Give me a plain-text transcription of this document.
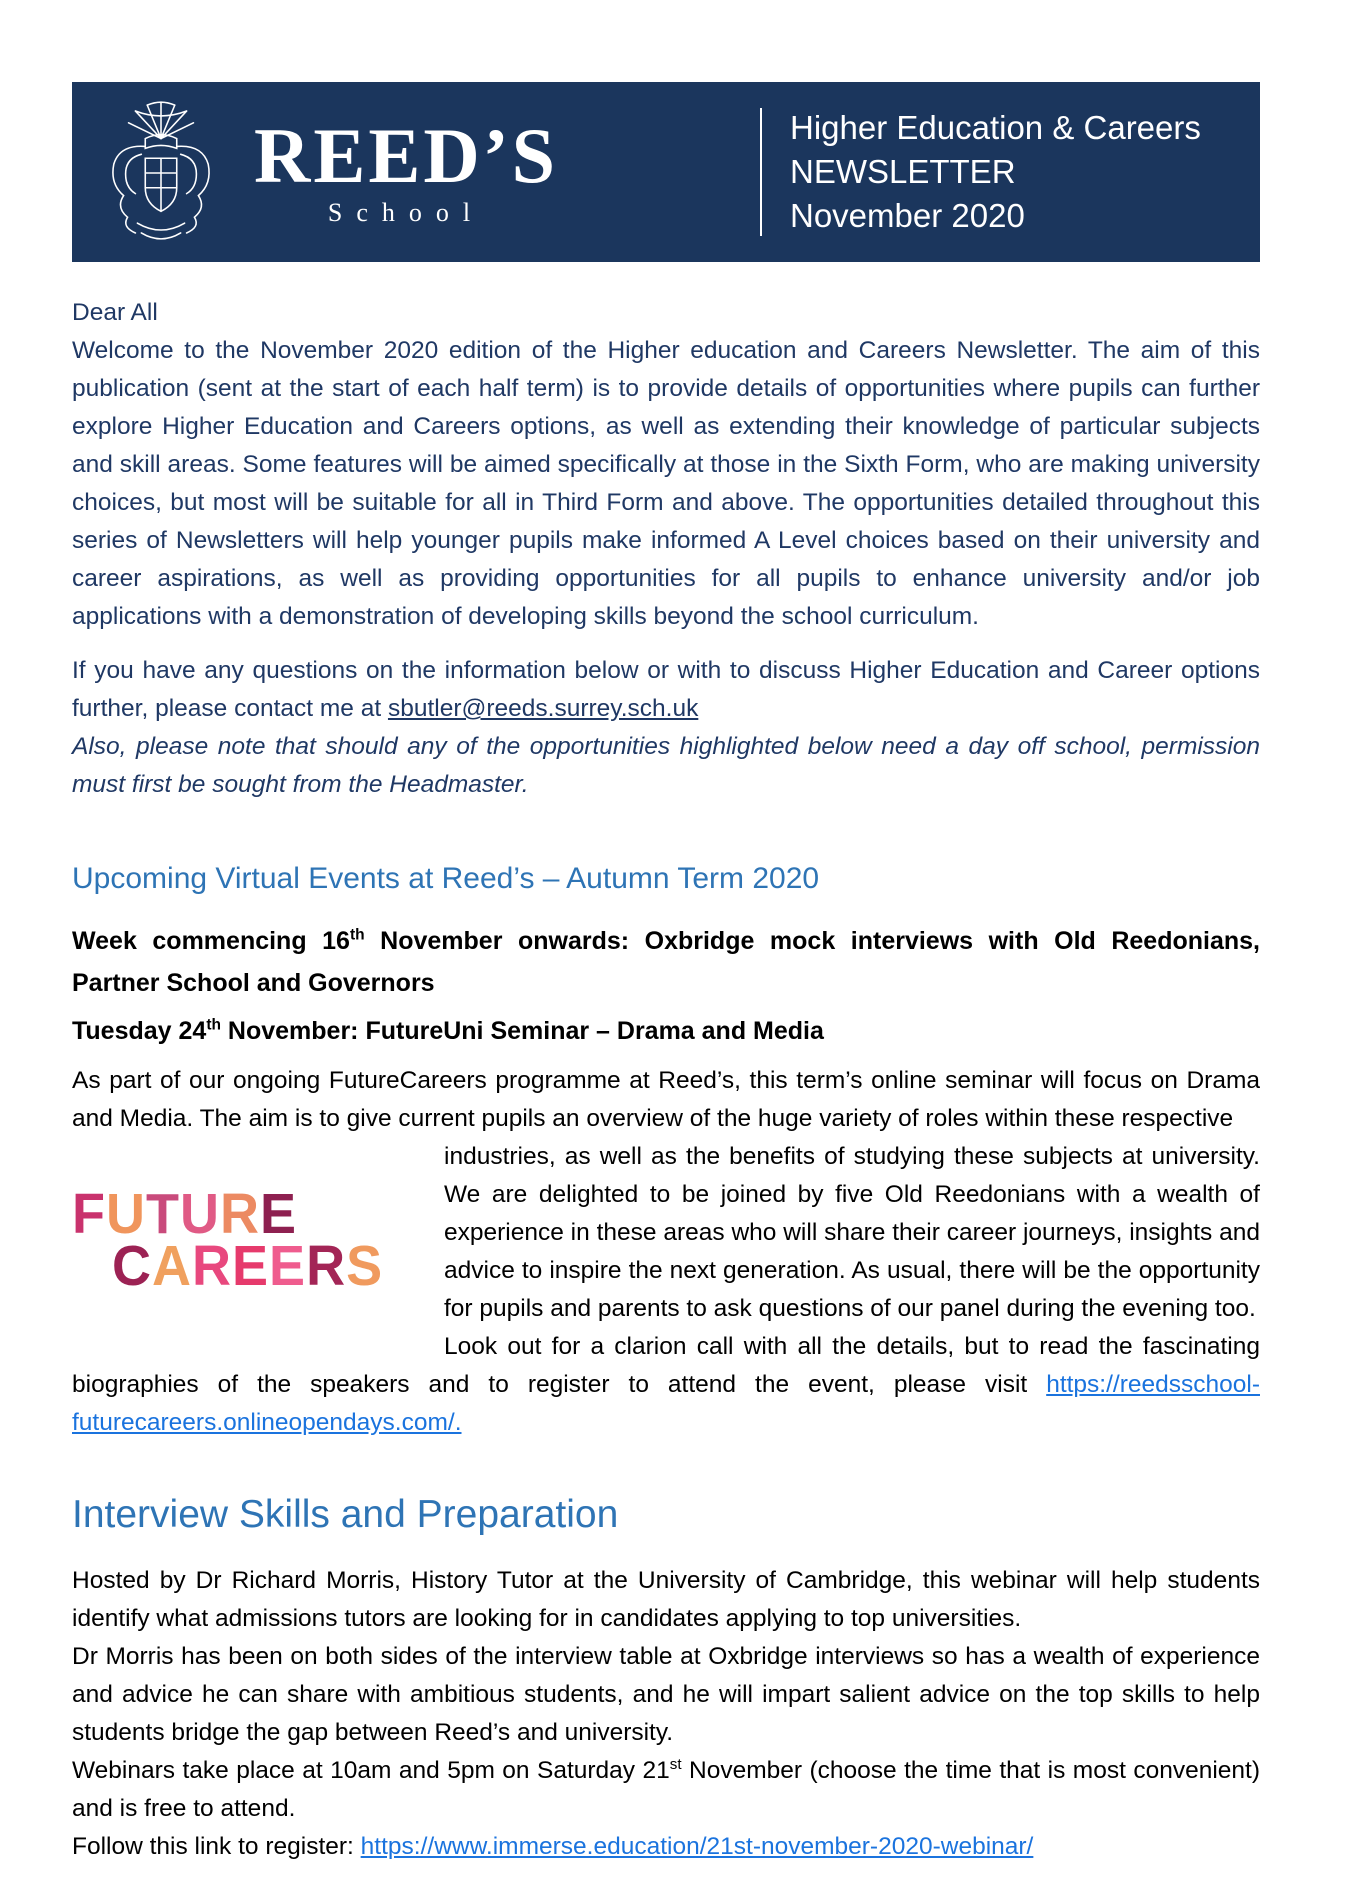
REED’S
School
Higher Education & Careers
NEWSLETTER
November 2020

Dear All

Welcome to the November 2020 edition of the Higher education and Careers Newsletter. The aim of this publication (sent at the start of each half term) is to provide details of opportunities where pupils can further explore Higher Education and Careers options, as well as extending their knowledge of particular subjects and skill areas. Some features will be aimed specifically at those in the Sixth Form, who are making university choices, but most will be suitable for all in Third Form and above. The opportunities detailed throughout this series of Newsletters will help younger pupils make informed A Level choices based on their university and career aspirations, as well as providing opportunities for all pupils to enhance university and/or job applications with a demonstration of developing skills beyond the school curriculum.

If you have any questions on the information below or with to discuss Higher Education and Career options further, please contact me at sbutler@reeds.surrey.sch.uk

Also, please note that should any of the opportunities highlighted below need a day off school, permission must first be sought from the Headmaster.

Upcoming Virtual Events at Reed’s – Autumn Term 2020

Week commencing 16th November onwards: Oxbridge mock interviews with Old Reedonians, Partner School and Governors

Tuesday 24th November: FutureUni Seminar – Drama and Media

As part of our ongoing FutureCareers programme at Reed’s, this term’s online seminar will focus on Drama and Media. The aim is to give current pupils an overview of the huge variety of roles within these respective

FUTURE
CAREERS

industries, as well as the benefits of studying these subjects at university. We are delighted to be joined by five Old Reedonians with a wealth of experience in these areas who will share their career journeys, insights and advice to inspire the next generation. As usual, there will be the opportunity for pupils and parents to ask questions of our panel during the evening too.

Look out for a clarion call with all the details, but to read the fascinating biographies of the speakers and to register to attend the event, please visit https://reedsschool-futurecareers.onlineopendays.com/.

Interview Skills and Preparation

Hosted by Dr Richard Morris, History Tutor at the University of Cambridge, this webinar will help students identify what admissions tutors are looking for in candidates applying to top universities.

Dr Morris has been on both sides of the interview table at Oxbridge interviews so has a wealth of experience and advice he can share with ambitious students, and he will impart salient advice on the top skills to help students bridge the gap between Reed’s and university.

Webinars take place at 10am and 5pm on Saturday 21st November (choose the time that is most convenient) and is free to attend.

Follow this link to register: https://www.immerse.education/21st-november-2020-webinar/
